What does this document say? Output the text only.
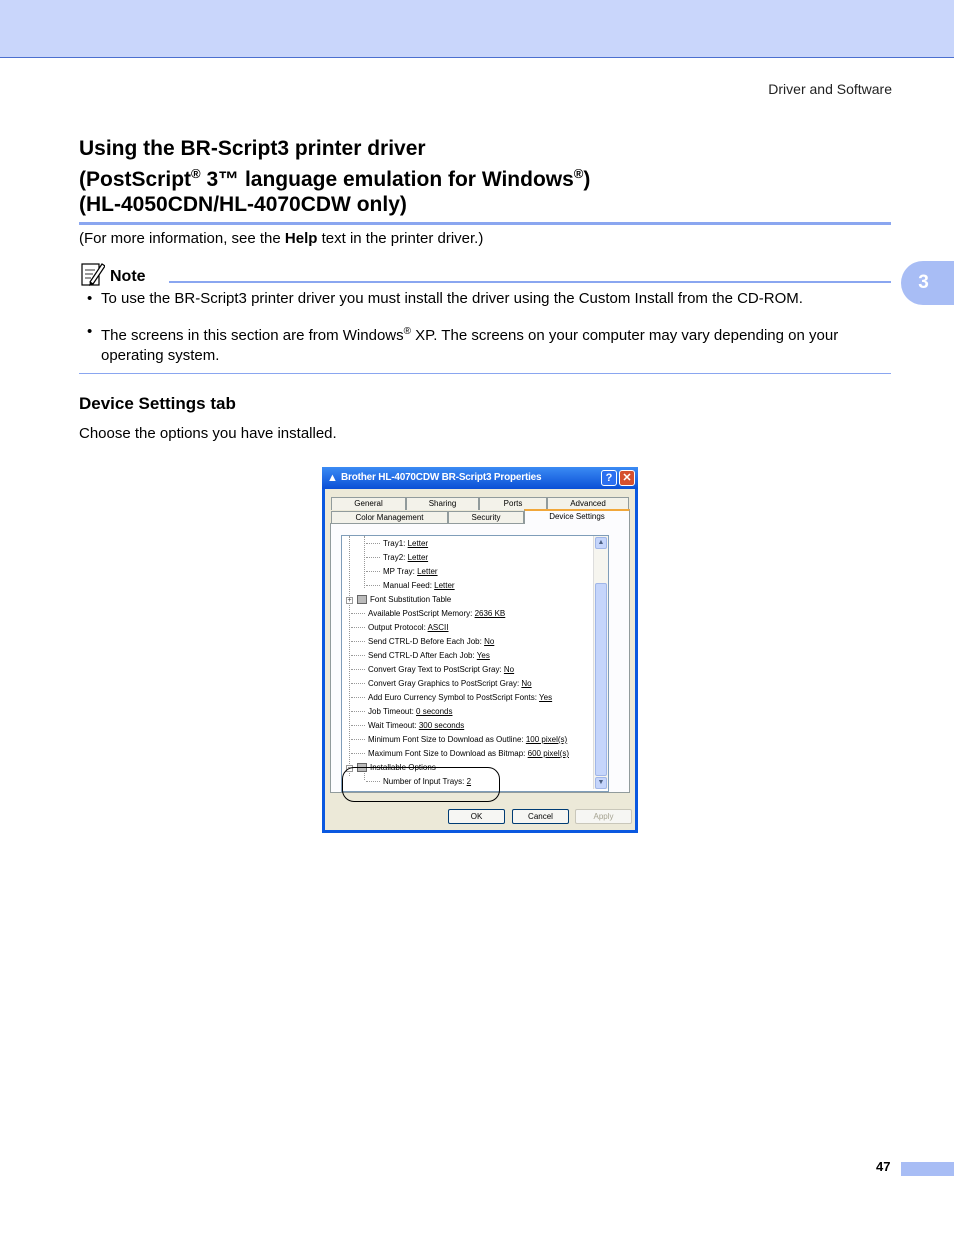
Driver and Software
3
Using the BR-Script3 printer driver
(PostScript® 3™ language emulation for Windows®)
(HL-4050CDN/HL-4070CDW only)
(For more information, see the Help text in the printer driver.)
Note
• To use the BR-Script3 printer driver you must install the driver using the Custom Install from the CD-ROM.
• The screens in this section are from Windows® XP. The screens on your computer may vary depending on your operating system.
Device Settings tab
Choose the options you have installed.
▲ Brother HL-4070CDW BR-Script3 Properties	? ✕
General	Sharing	Ports	Advanced
Color Management	Security	Device Settings
Tray1: Letter
Tray2: Letter
MP Tray: Letter
Manual Feed: Letter
+	Font Substitution Table
Available PostScript Memory: 2636 KB
Output Protocol: ASCII
Send CTRL-D Before Each Job: No
Send CTRL-D After Each Job: Yes
Convert Gray Text to PostScript Gray: No
Convert Gray Graphics to PostScript Gray: No
Add Euro Currency Symbol to PostScript Fonts: Yes
Job Timeout: 0 seconds
Wait Timeout: 300 seconds
Minimum Font Size to Download as Outline: 100 pixel(s)
Maximum Font Size to Download as Bitmap: 600 pixel(s)
−	Installable Options
Number of Input Trays: 2
▲
▼
OK	Cancel	Apply
47
